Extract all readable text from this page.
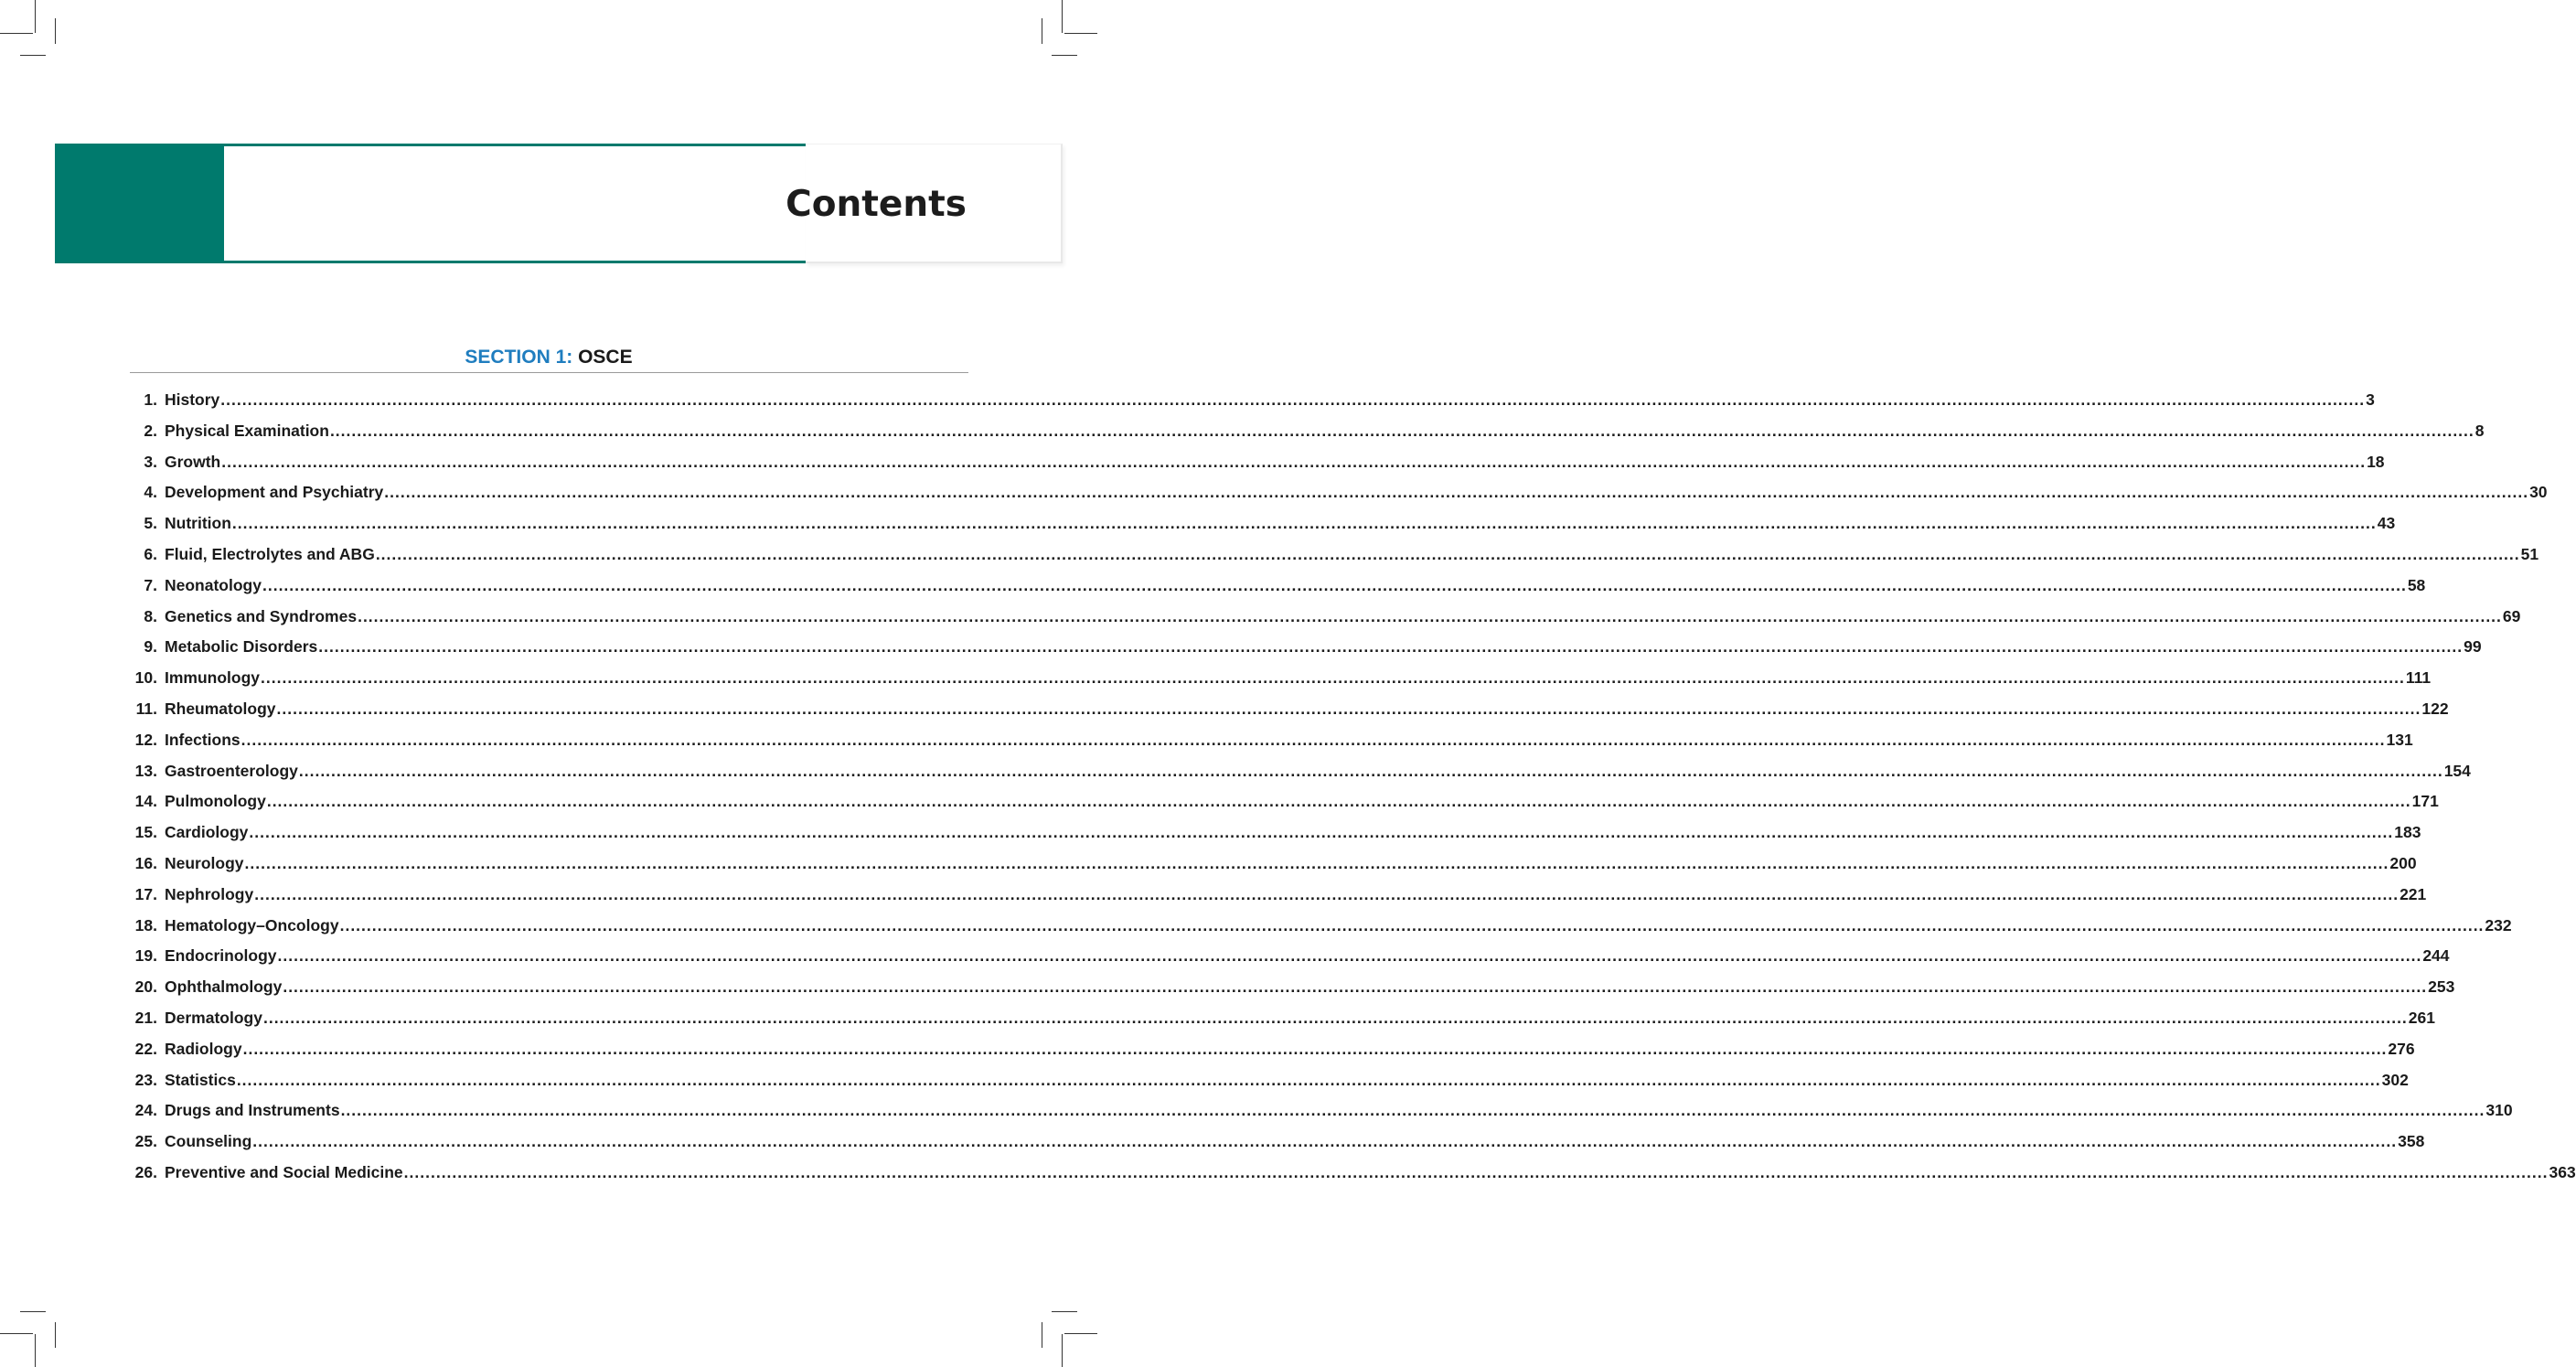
Contents
SECTION 1: OSCE
1. History ................................................................................................................................................................................................................................................................................................................................................................................................................ 3
2. Physical Examination ................................................................................................................................................................................................................................................................................................................................................................................................................ 8
3. Growth ................................................................................................................................................................................................................................................................................................................................................................................................................ 18
4. Development and Psychiatry ................................................................................................................................................................................................................................................................................................................................................................................................................ 30
5. Nutrition ................................................................................................................................................................................................................................................................................................................................................................................................................ 43
6. Fluid, Electrolytes and ABG ................................................................................................................................................................................................................................................................................................................................................................................................................ 51
7. Neonatology ................................................................................................................................................................................................................................................................................................................................................................................................................ 58
8. Genetics and Syndromes ................................................................................................................................................................................................................................................................................................................................................................................................................ 69
9. Metabolic Disorders ................................................................................................................................................................................................................................................................................................................................................................................................................ 99
10. Immunology ................................................................................................................................................................................................................................................................................................................................................................................................................ 111
11. Rheumatology ................................................................................................................................................................................................................................................................................................................................................................................................................ 122
12. Infections ................................................................................................................................................................................................................................................................................................................................................................................................................ 131
13. Gastroenterology ................................................................................................................................................................................................................................................................................................................................................................................................................ 154
14. Pulmonology ................................................................................................................................................................................................................................................................................................................................................................................................................ 171
15. Cardiology ................................................................................................................................................................................................................................................................................................................................................................................................................ 183
16. Neurology ................................................................................................................................................................................................................................................................................................................................................................................................................ 200
17. Nephrology ................................................................................................................................................................................................................................................................................................................................................................................................................ 221
18. Hematology–Oncology ................................................................................................................................................................................................................................................................................................................................................................................................................ 232
19. Endocrinology ................................................................................................................................................................................................................................................................................................................................................................................................................ 244
20. Ophthalmology ................................................................................................................................................................................................................................................................................................................................................................................................................ 253
21. Dermatology ................................................................................................................................................................................................................................................................................................................................................................................................................ 261
22. Radiology ................................................................................................................................................................................................................................................................................................................................................................................................................ 276
23. Statistics ................................................................................................................................................................................................................................................................................................................................................................................................................ 302
24. Drugs and Instruments ................................................................................................................................................................................................................................................................................................................................................................................................................ 310
25. Counseling ................................................................................................................................................................................................................................................................................................................................................................................................................ 358
26. Preventive and Social Medicine ................................................................................................................................................................................................................................................................................................................................................................................................................ 363
